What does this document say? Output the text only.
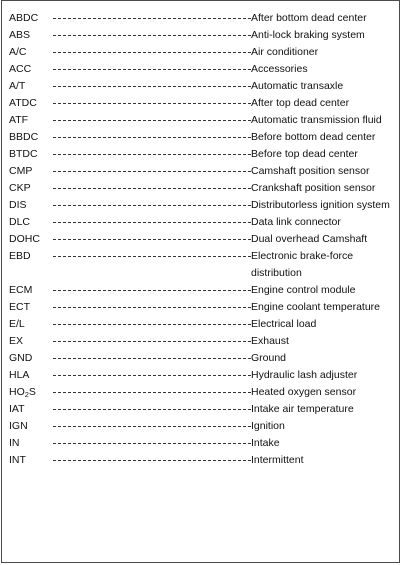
ABDC	After bottom dead center
ABS	Anti-lock braking system
A/C	Air conditioner
ACC	Accessories
A/T	Automatic transaxle
ATDC	After top dead center
ATF	Automatic transmission fluid
BBDC	Before bottom dead center
BTDC	Before top dead center
CMP	Camshaft position sensor
CKP	Crankshaft position sensor
DIS	Distributorless ignition system
DLC	Data link connector
DOHC	Dual overhead Camshaft
EBD	Electronic brake-force distribution
ECM	Engine control module
ECT	Engine coolant temperature
E/L	Electrical load
EX	Exhaust
GND	Ground
HLA	Hydraulic lash adjuster
HO2S	Heated oxygen sensor
IAT	Intake air temperature
IGN	Ignition
IN	Intake
INT	Intermittent
